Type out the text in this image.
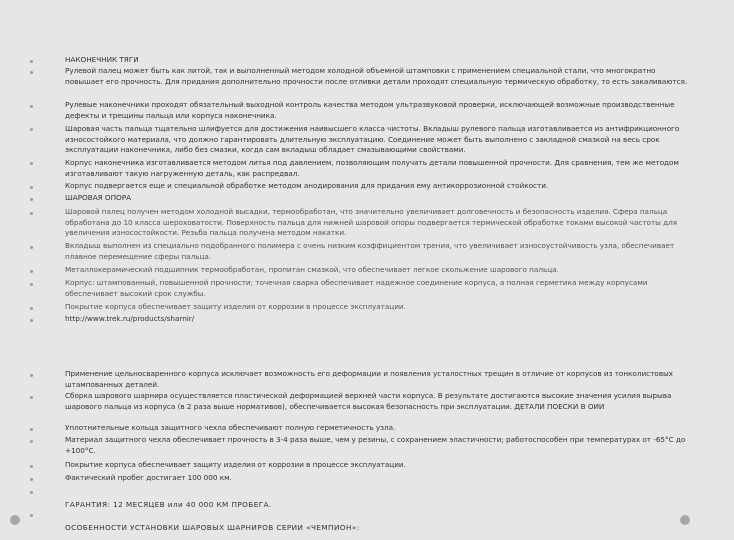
НАКОНЕЧНИК ТЯГИ
Рулевой палец может быть как литой, так и выполненный методом холодной объемной штамповки с применением специальной стали, что многократно повышает его прочность. Для придания дополнительно прочности после отливки детали проходят специальную термическую обработку, то есть закаливаются.
Рулевые наконечники проходят обязательный выходной контроль качества методом ультразвуковой проверки, исключающей возможные производственные дефекты и трещины пальца или корпуса наконечника.
Шаровая часть пальца тщательно шлифуется для достижения наивысшего класса чистоты. Вкладыш рулевого пальца изготавливается из антифрикционного износостойкого материала, что должно гарантировать длительную эксплуатацию. Соединение может быть выполнено с закладной смазкой на весь срок эксплуатации наконечника, либо без смазки, когда сам вкладыш обладает смазывающими свойствами.
Корпус наконечника изготавливается методом литья под давлением, позволяющим получать детали повышенной прочности. Для сравнения, тем же методом изготавливают такую нагруженную деталь, как распредвал.
Корпус подвергается еще и специальной обработке методом анодирования для придания ему антикоррозионной стойкости.
ШАРОВАЯ ОПОРА
Шаровой палец получен методом холодной высадки, термообработан, что значительно увеличивает долговечность и безопасность изделия. Сфера пальца обработана до 10 класса шероховатости. Поверхность пальца для нижней шаровой опоры подвергается термической обработке токами высокой частоты для увеличения износостойкости. Резьба пальца получена методом накатки.
Вкладыш выполнен из специально подобранного полимера с очень низким коэффициентом трения, что увеличивает износоустойчивость узла, обеспечивает плавное перемещение сферы пальца.
Металлокерамический подшипник термообработан, пропитан смазкой, что обеспечивает легкое скольжение шарового пальца.
Корпус: штампованный, повышенной прочности; точечная сварка обеспечивает надежное соединение корпуса, а полная герметика между корпусами обеспечивает высокий срок службы.
Покрытие корпуса обеспечивает защиту изделия от коррозии в процессе эксплуатации.
http://www.trek.ru/products/sharnir/
Применение цельносваренного корпуса исключает возможность его деформации и появления усталостных трещин в отличие от корпусов из тонколистовых штампованных деталей.
Сборка шарового шарнира осуществляется пластической деформацией верхней части корпуса. В результате достигаются высокие значения усилия вырыва шарового пальца из корпуса (в 2 раза выше нормативов), обеспечивается высокая безопасность при эксплуатации. ДЕТАЛИ ПОЕСКИ В ОИИ
Уплотнительные кольца защитного чехла обеспечивают полную герметичность узла.
Материал защитного чехла обеспечивает прочность в 3-4 раза выше, чем у резины, с сохранением эластичности; работоспособен при температурах от -65°С до +100°С.
Покрытие корпуса обеспечивает защиту изделия от коррозии в процессе эксплуатации.
Фактический пробег достигает 100 000 км.
ГАРАНТИЯ: 12 МЕСЯЦЕВ или 40 000 КМ ПРОБЕГА.
ОСОБЕННОСТИ УСТАНОВКИ ШАРОВЫХ ШАРНИРОВ СЕРИИ «ЧЕМПИОН»:
